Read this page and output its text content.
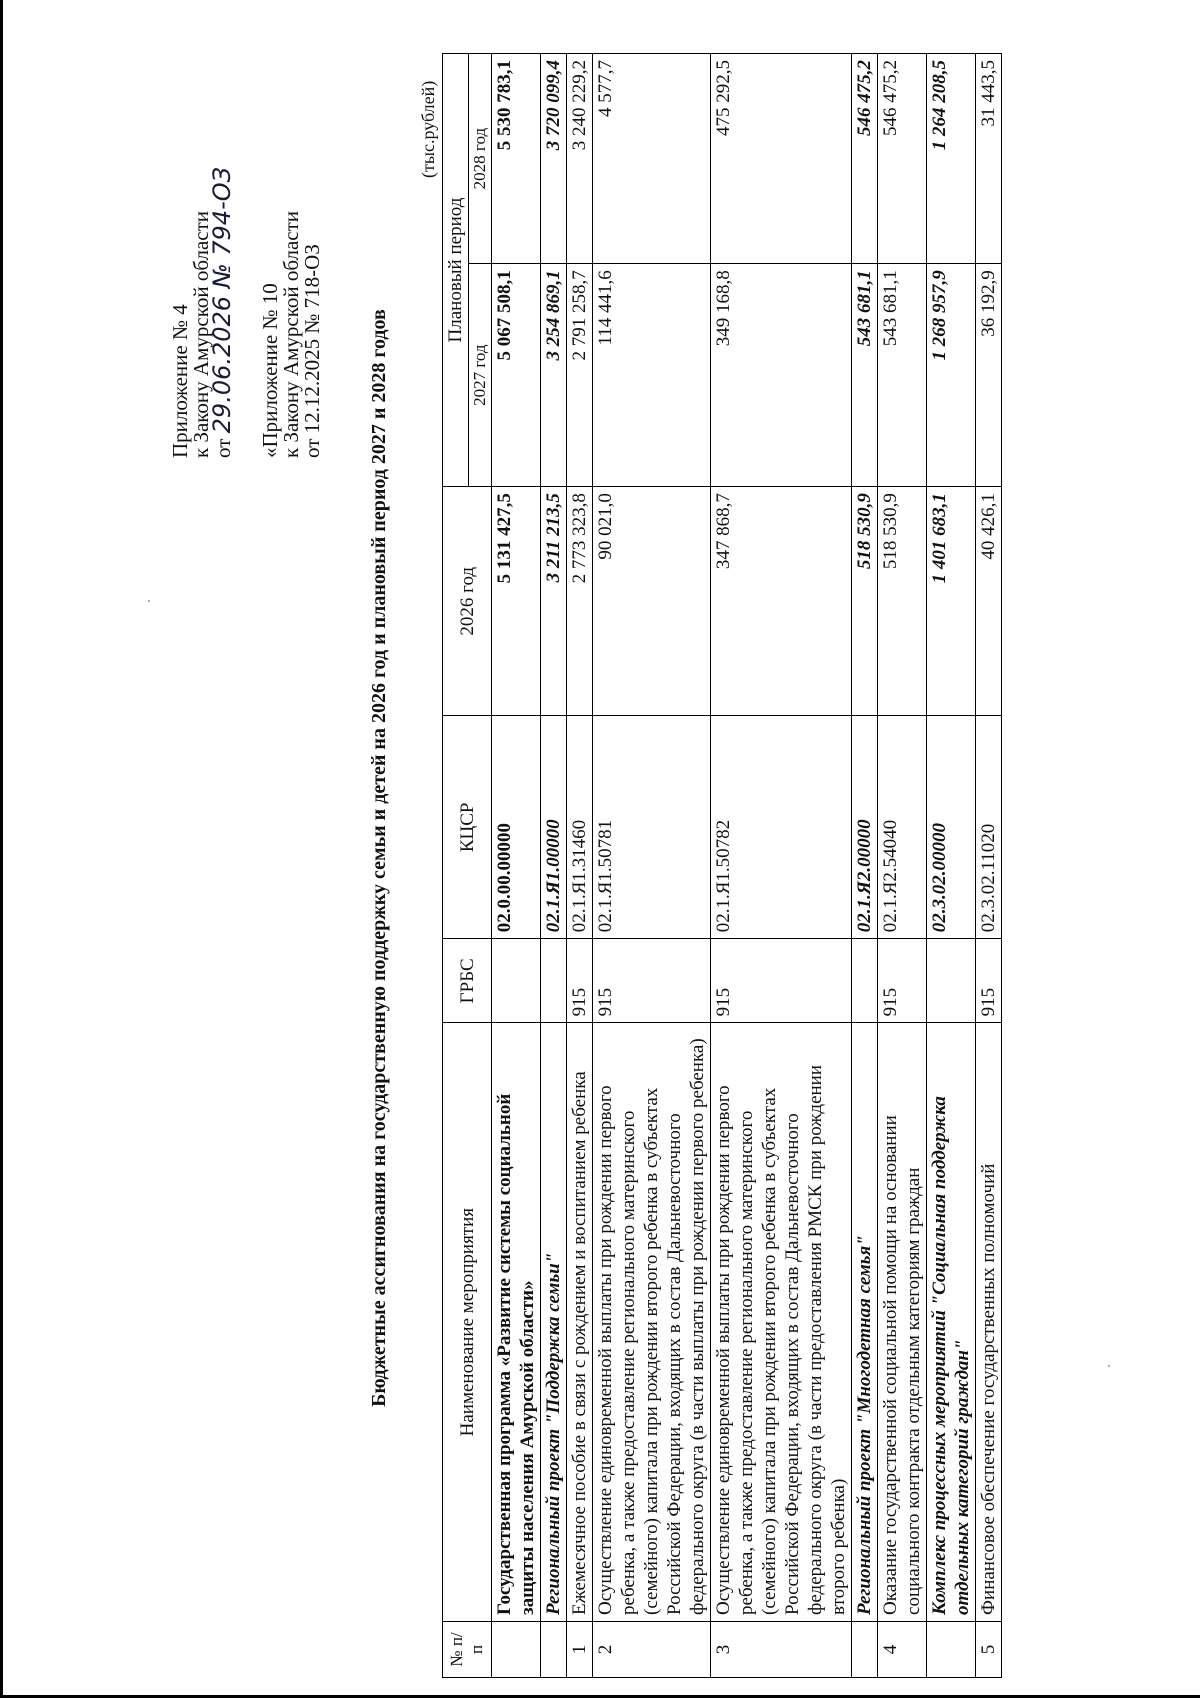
Приложение № 4
к Закону Амурской области
от 29.06.2026 № 794-ОЗ «Приложение № 10
к Закону Амурской области
от 12.12.2025 № 718-ОЗ Бюджетные ассигнования на государственную поддержку семьи и детей на 2026 год и плановый период 2027 и 2028 годов
(тыс.рублей)
№ п/п	Наименование мероприятия	ГРБС	КЦСР	2026 год	Плановый период	
					2027 год	2028 год
	Государственная программа «Развитие системы социальной защиты населения Амурской области»		02.0.00.00000	5 131 427,5	5 067 508,1	5 530 783,1
	Региональный проект "Поддержка семьи"		02.1.Я1.00000	3 211 213,5	3 254 869,1	3 720 099,4
1	Ежемесячное пособие в связи с рождением и воспитанием ребенка	915	02.1.Я1.31460	2 773 323,8	2 791 258,7	3 240 229,2
2	Осуществление единовременной выплаты при рождении первого ребенка, а также предоставление регионального материнского (семейного) капитала при рождении второго ребенка в субъектах Российской Федерации, входящих в состав Дальневосточного федерального округа (в части выплаты при рождении первого ребенка)	915	02.1.Я1.50781	90 021,0	114 441,6	4 577,7
3	Осуществление единовременной выплаты при рождении первого ребенка, а также предоставление регионального материнского (семейного) капитала при рождении второго ребенка в субъектах Российской Федерации, входящих в состав Дальневосточного федерального округа (в части предоставления РМСК при рождении второго ребенка)	915	02.1.Я1.50782	347 868,7	349 168,8	475 292,5
	Региональный проект "Многодетная семья"		02.1.Я2.00000	518 530,9	543 681,1	546 475,2
4	Оказание государственной социальной помощи на основании социального контракта отдельным категориям граждан	915	02.1.Я2.54040	518 530,9	543 681,1	546 475,2
	Комплекс процессных мероприятий "Социальная поддержка отдельных категорий граждан"		02.3.02.00000	1 401 683,1	1 268 957,9	1 264 208,5
5	Финансовое обеспечение государственных полномочий	915	02.3.02.11020	40 426,1	36 192,9	31 443,5
